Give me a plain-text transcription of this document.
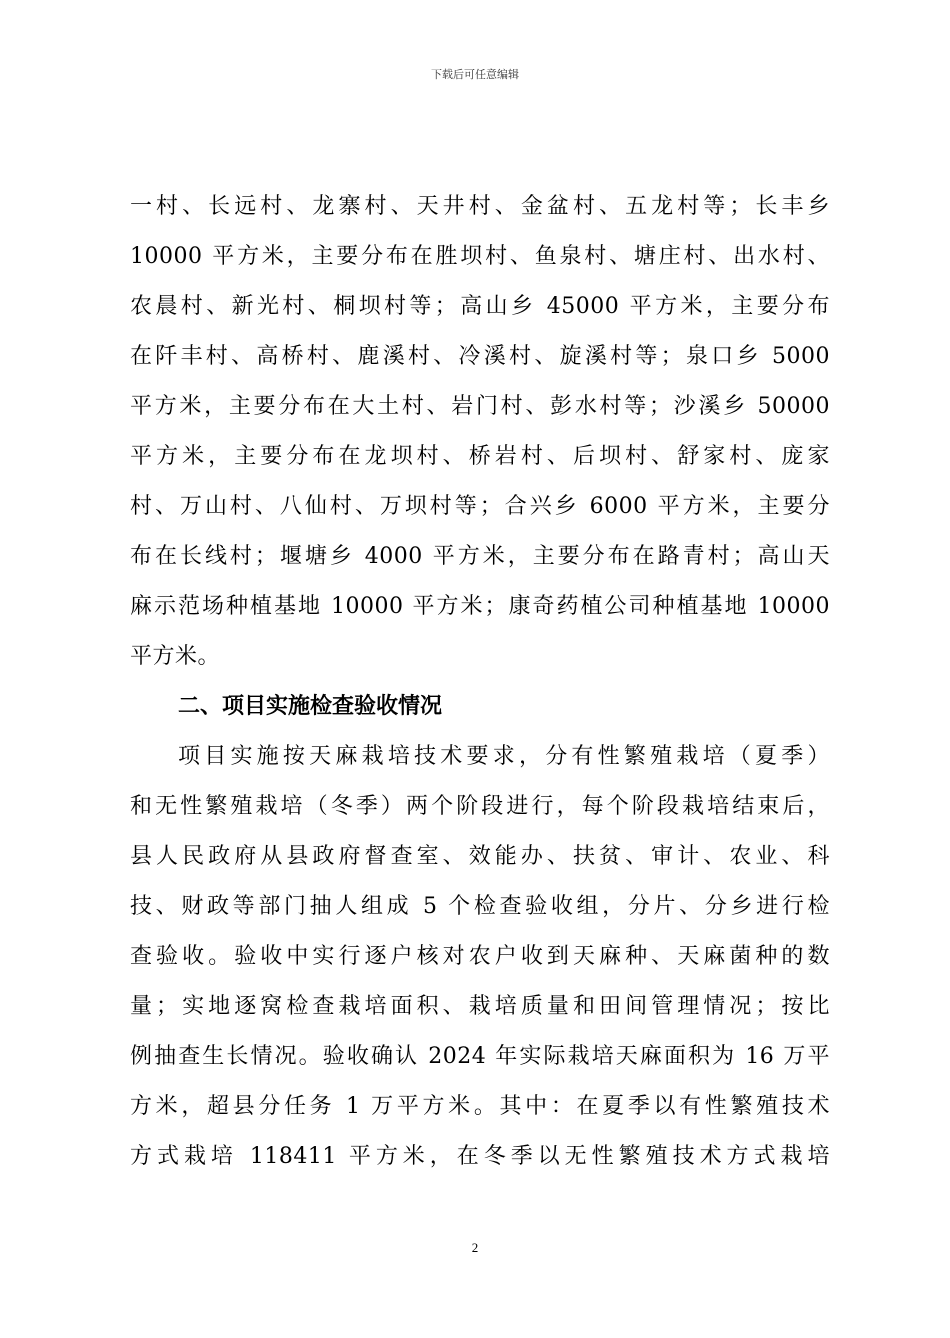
下载后可任意编辑
一村、长远村、龙寨村、天井村、金盆村、五龙村等；长丰乡
10000 平方米，主要分布在胜坝村、鱼泉村、塘庄村、出水村、
农晨村、新光村、桐坝村等；高山乡 45000 平方米，主要分布
在阡丰村、高桥村、鹿溪村、冷溪村、旋溪村等；泉口乡 5000
平方米，主要分布在大土村、岩门村、彭水村等；沙溪乡 50000
平方米，主要分布在龙坝村、桥岩村、后坝村、舒家村、庞家
村、万山村、八仙村、万坝村等；合兴乡 6000 平方米，主要分
布在长线村；堰塘乡 4000 平方米，主要分布在路青村；高山天
麻示范场种植基地 10000 平方米；康奇药植公司种植基地 10000
平方米。
二、项目实施检查验收情况
项目实施按天麻栽培技术要求，分有性繁殖栽培（夏季）
和无性繁殖栽培（冬季）两个阶段进行，每个阶段栽培结束后，
县人民政府从县政府督查室、效能办、扶贫、审计、农业、科
技、财政等部门抽人组成 5 个检查验收组，分片、分乡进行检
查验收。验收中实行逐户核对农户收到天麻种、天麻菌种的数
量；实地逐窝检查栽培面积、栽培质量和田间管理情况；按比
例抽查生长情况。验收确认 2024 年实际栽培天麻面积为 16 万平
方米，超县分任务 1 万平方米。其中：在夏季以有性繁殖技术
方式栽培 118411 平方米，在冬季以无性繁殖技术方式栽培
2
